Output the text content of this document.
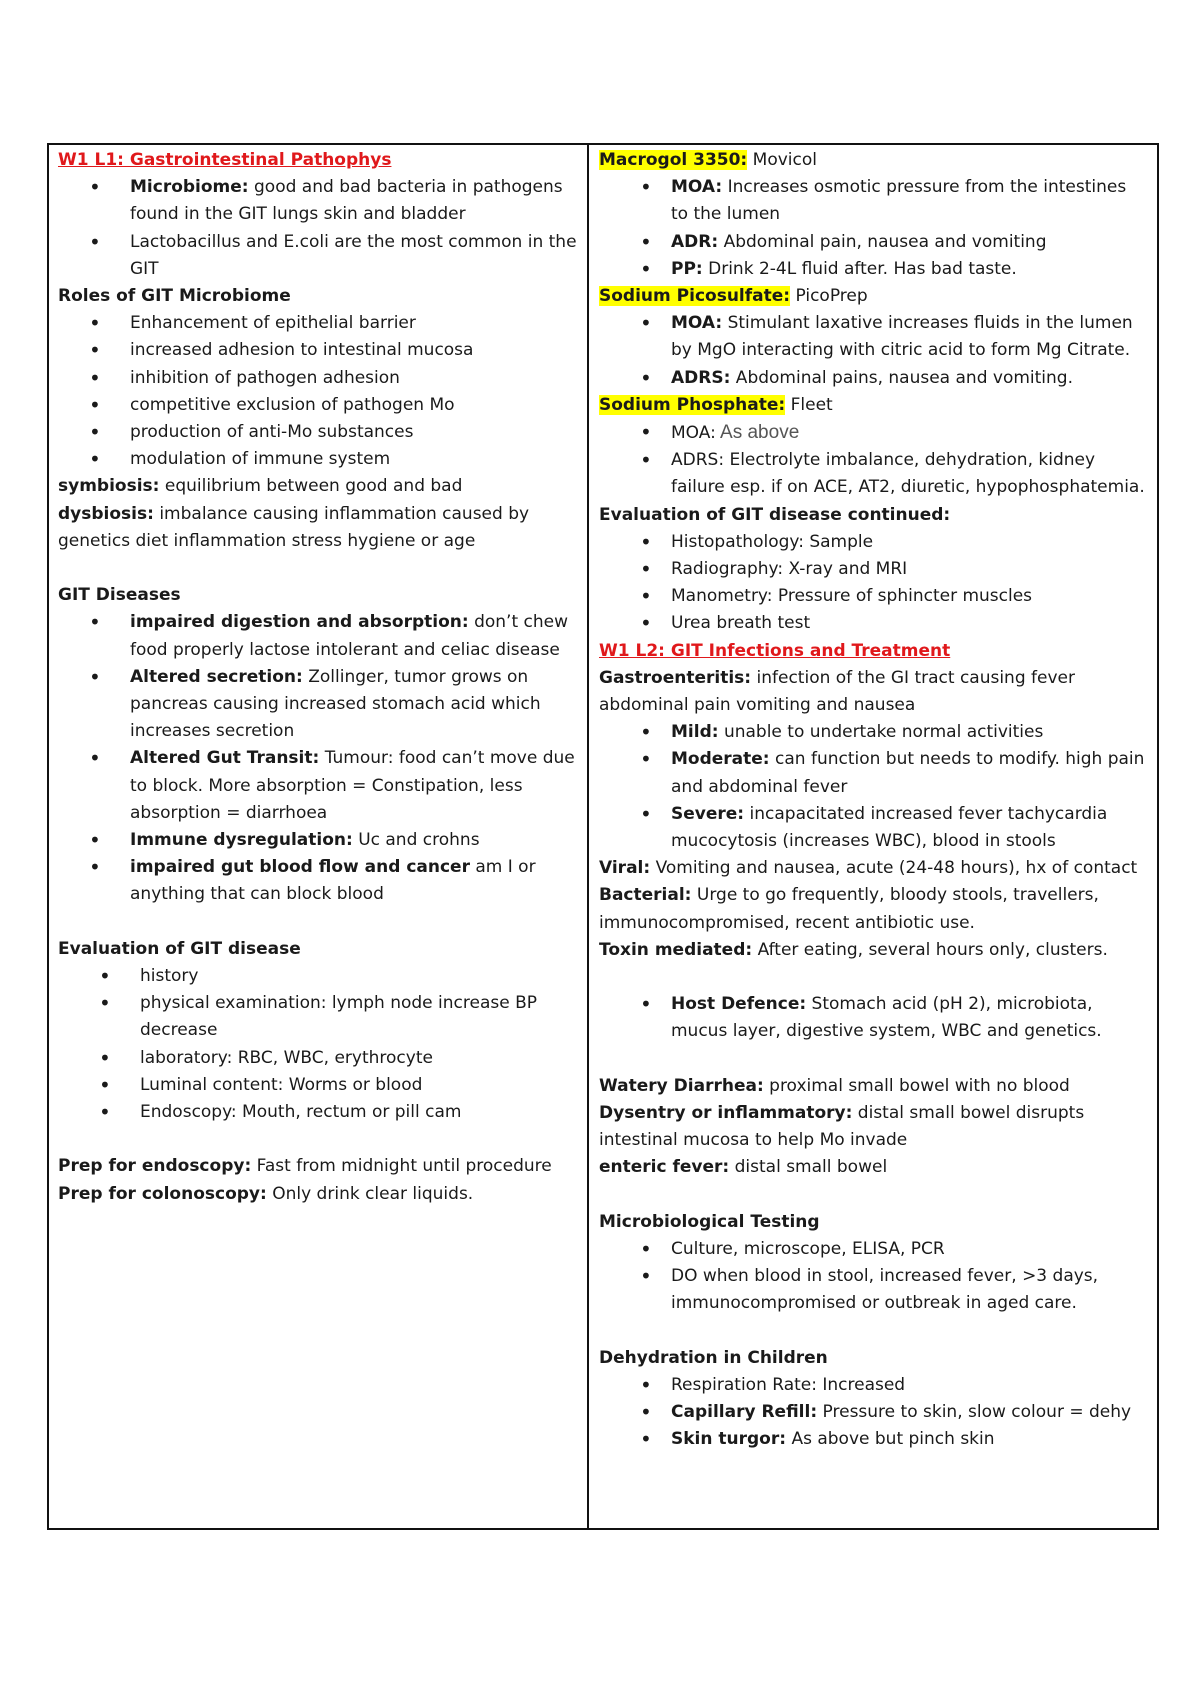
W1 L1: Gastrointestinal Pathophys
• Microbiome: good and bad bacteria in pathogens found in the GIT lungs skin and bladder
• Lactobacillus and E.coli are the most common in the GIT
Roles of GIT Microbiome
• Enhancement of epithelial barrier
• increased adhesion to intestinal mucosa
• inhibition of pathogen adhesion
• competitive exclusion of pathogen Mo
• production of anti-Mo substances
• modulation of immune system
symbiosis: equilibrium between good and bad
dysbiosis: imbalance causing inflammation caused by genetics diet inflammation stress hygiene or age
GIT Diseases
• impaired digestion and absorption: don’t chew food properly lactose intolerant and celiac disease
• Altered secretion: Zollinger, tumor grows on pancreas causing increased stomach acid which increases secretion
• Altered Gut Transit: Tumour: food can’t move due to block. More absorption = Constipation, less absorption = diarrhoea
• Immune dysregulation: Uc and crohns
• impaired gut blood flow and cancer am I or anything that can block blood
Evaluation of GIT disease
• history
• physical examination: lymph node increase BP decrease
• laboratory: RBC, WBC, erythrocyte
• Luminal content: Worms or blood
• Endoscopy: Mouth, rectum or pill cam
Prep for endoscopy: Fast from midnight until procedure
Prep for colonoscopy: Only drink clear liquids.
Macrogol 3350: Movicol
• MOA: Increases osmotic pressure from the intestines to the lumen
• ADR: Abdominal pain, nausea and vomiting
• PP: Drink 2-4L fluid after. Has bad taste.
Sodium Picosulfate: PicoPrep
• MOA: Stimulant laxative increases fluids in the lumen by MgO interacting with citric acid to form Mg Citrate.
• ADRS: Abdominal pains, nausea and vomiting.
Sodium Phosphate: Fleet
• MOA: As above
• ADRS: Electrolyte imbalance, dehydration, kidney failure esp. if on ACE, AT2, diuretic, hypophosphatemia.
Evaluation of GIT disease continued:
• Histopathology: Sample
• Radiography: X-ray and MRI
• Manometry: Pressure of sphincter muscles
• Urea breath test
W1 L2: GIT Infections and Treatment
Gastroenteritis: infection of the GI tract causing fever abdominal pain vomiting and nausea
• Mild: unable to undertake normal activities
• Moderate: can function but needs to modify. high pain and abdominal fever
• Severe: incapacitated increased fever tachycardia mucocytosis (increases WBC), blood in stools
Viral: Vomiting and nausea, acute (24-48 hours), hx of contact
Bacterial: Urge to go frequently, bloody stools, travellers, immunocompromised, recent antibiotic use.
Toxin mediated: After eating, several hours only, clusters.
• Host Defence: Stomach acid (pH 2), microbiota, mucus layer, digestive system, WBC and genetics.
Watery Diarrhea: proximal small bowel with no blood
Dysentry or inflammatory: distal small bowel disrupts intestinal mucosa to help Mo invade
enteric fever: distal small bowel
Microbiological Testing
• Culture, microscope, ELISA, PCR
• DO when blood in stool, increased fever, >3 days, immunocompromised or outbreak in aged care.
Dehydration in Children
• Respiration Rate: Increased
• Capillary Refill: Pressure to skin, slow colour = dehy
• Skin turgor: As above but pinch skin
